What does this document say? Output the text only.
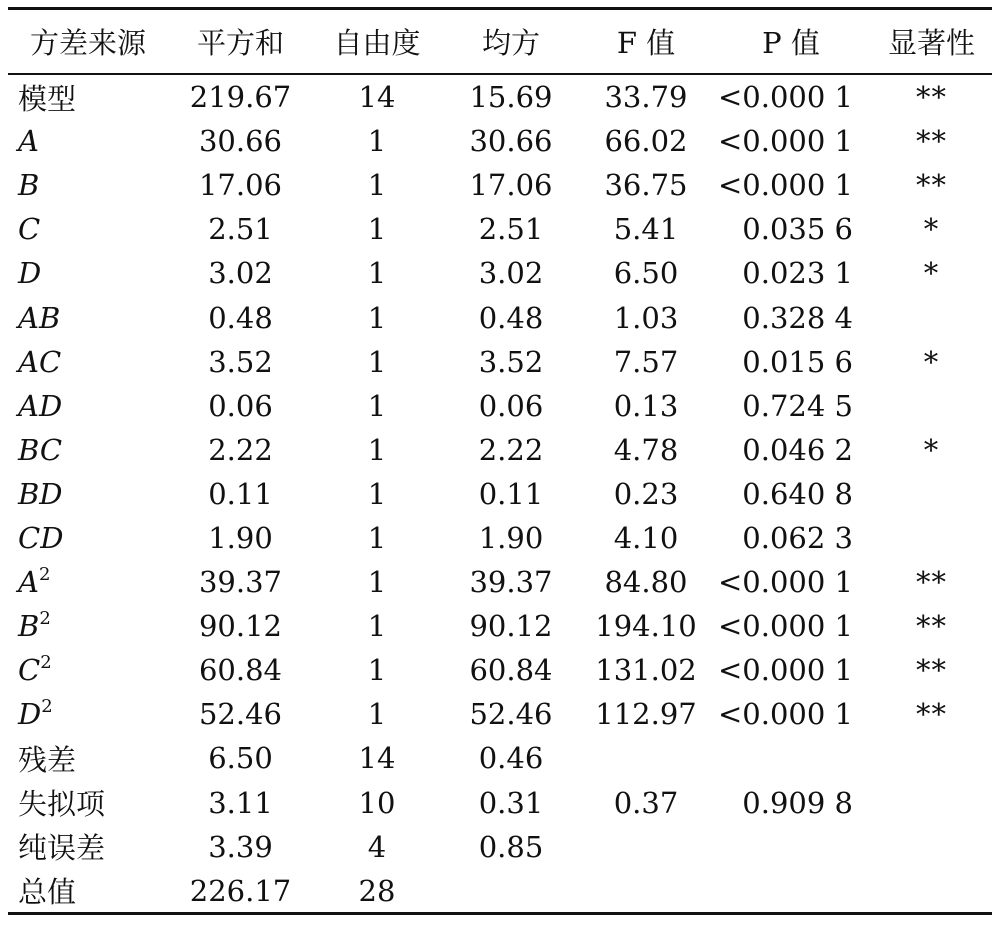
方差来源	平方和	自由度	均方	F 值	P 值	显著性
模型	219.67	14	15.69	33.79	<0.000 1	**
A	30.66	1	30.66	66.02	<0.000 1	**
B	17.06	1	17.06	36.75	<0.000 1	**
C	2.51	1	2.51	5.41	0.035 6	*
D	3.02	1	3.02	6.50	0.023 1	*
AB	0.48	1	0.48	1.03	0.328 4	
AC	3.52	1	3.52	7.57	0.015 6	*
AD	0.06	1	0.06	0.13	0.724 5	
BC	2.22	1	2.22	4.78	0.046 2	*
BD	0.11	1	0.11	0.23	0.640 8	
CD	1.90	1	1.90	4.10	0.062 3	
$A^2$	39.37	1	39.37	84.80	<0.000 1	**
$B^2$	90.12	1	90.12	194.10	<0.000 1	**
$C^2$	60.84	1	60.84	131.02	<0.000 1	**
$D^2$	52.46	1	52.46	112.97	<0.000 1	**
残差	6.50	14	0.46			
失拟项	3.11	10	0.31	0.37	0.909 8	
纯误差	3.39	4	0.85			
总值	226.17	28				
